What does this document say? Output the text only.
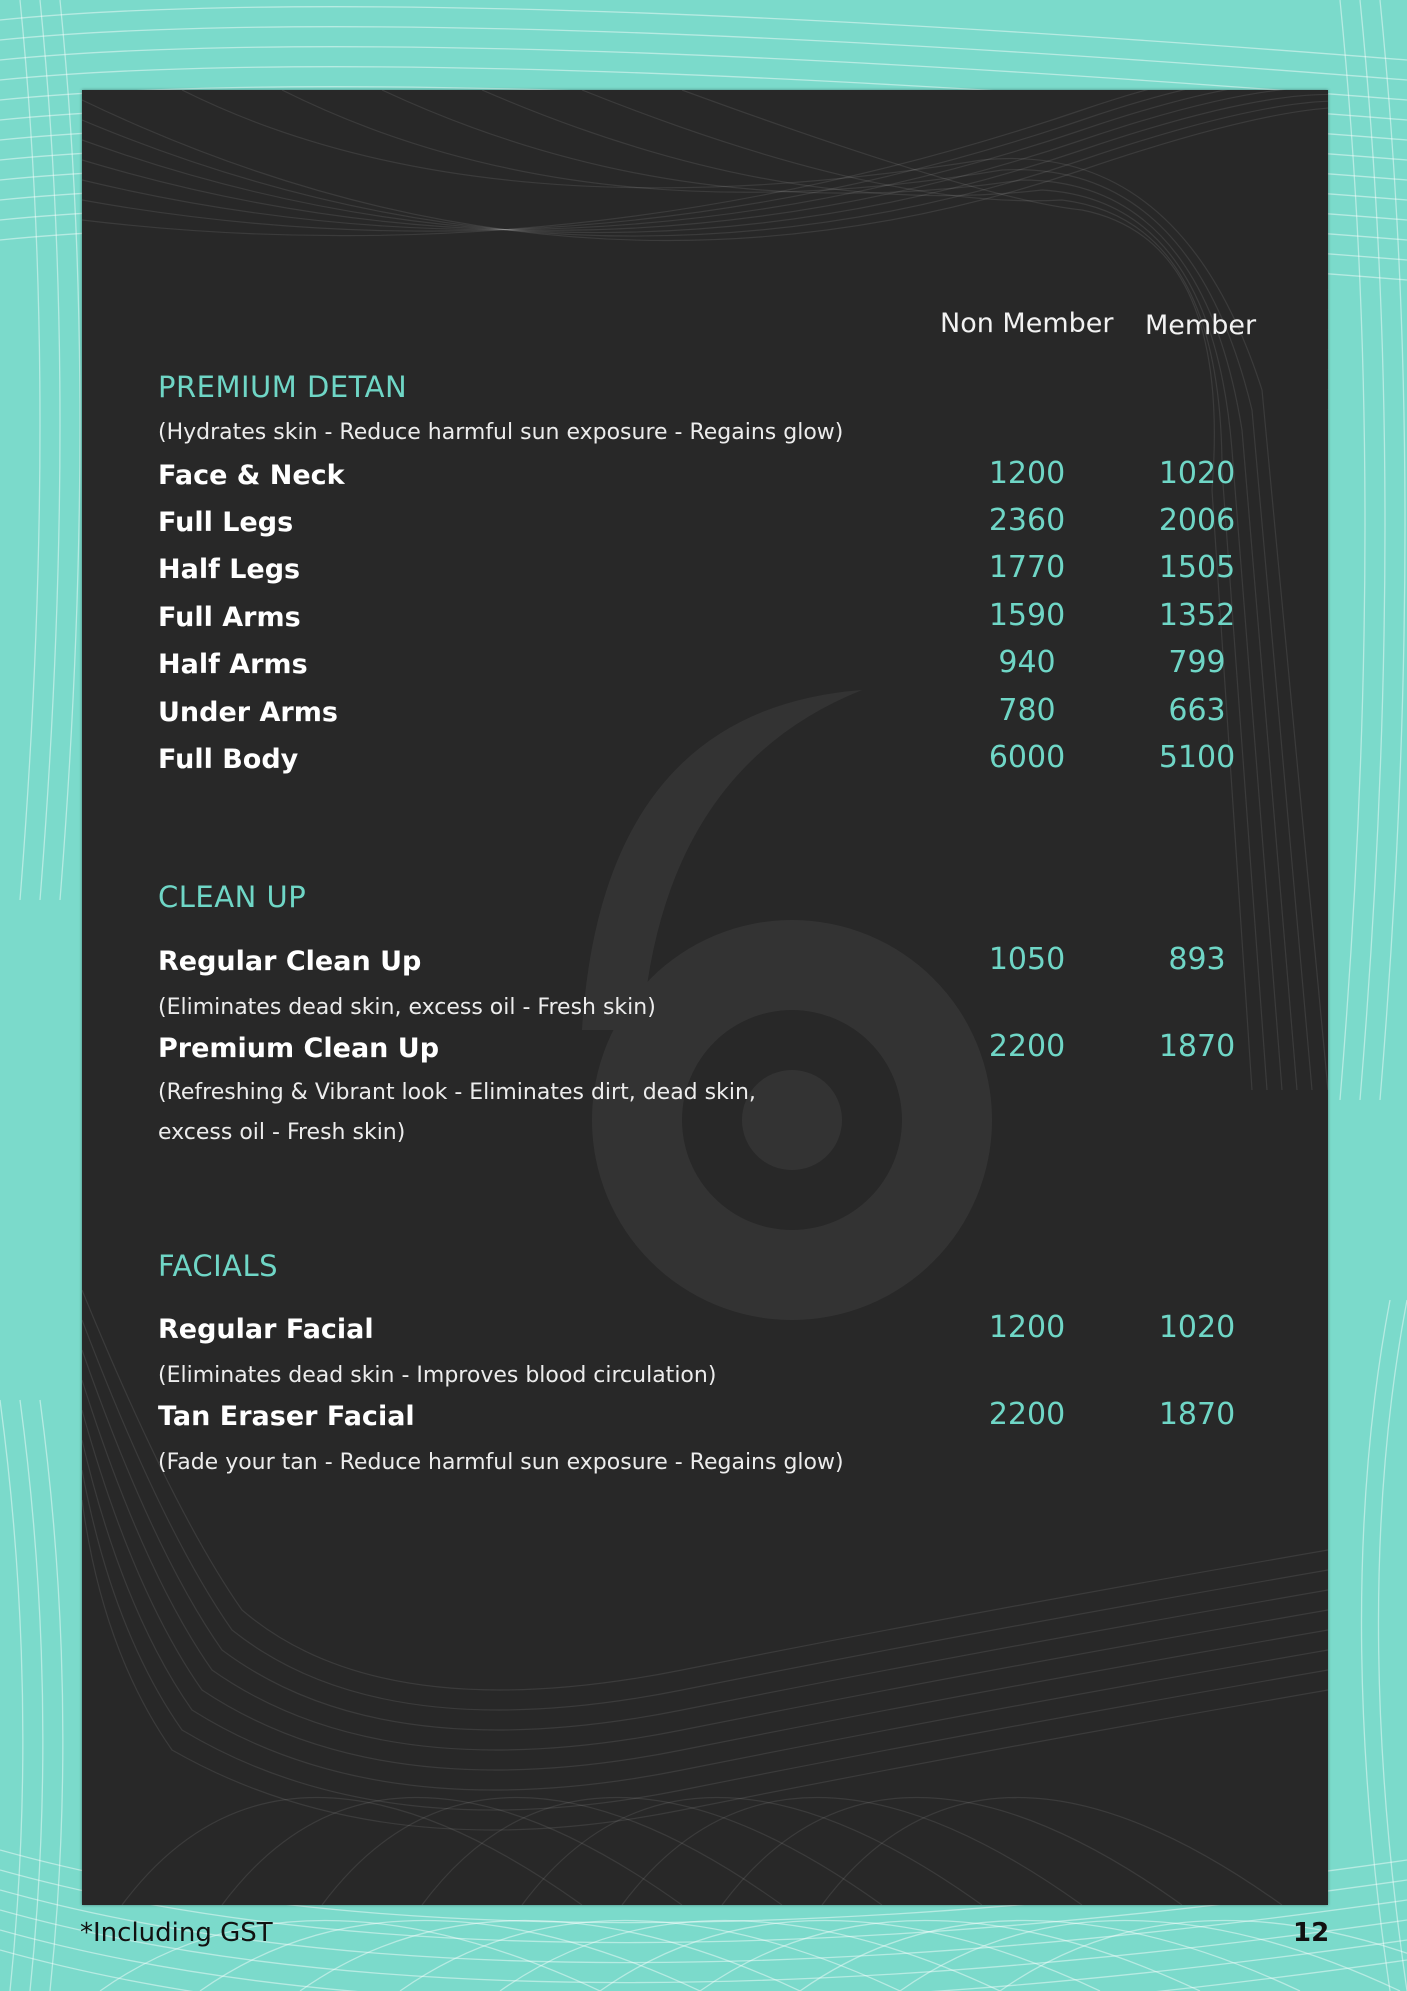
Non Member Member
PREMIUM DETAN
(Hydrates skin - Reduce harmful sun exposure - Regains glow)
Face & Neck	1200	1020
Full Legs	2360	2006
Half Legs	1770	1505
Full Arms	1590	1352
Half Arms	940	799
Under Arms	780	663
Full Body	6000	5100
CLEAN UP
Regular Clean Up	1050	893
(Eliminates dead skin, excess oil - Fresh skin)
Premium Clean Up	2200	1870
(Refreshing & Vibrant look - Eliminates dirt, dead skin,
excess oil - Fresh skin)
FACIALS
Regular Facial	1200	1020
(Eliminates dead skin - Improves blood circulation)
Tan Eraser Facial	2200	1870
(Fade your tan - Reduce harmful sun exposure - Regains glow)
*Including GST	12
